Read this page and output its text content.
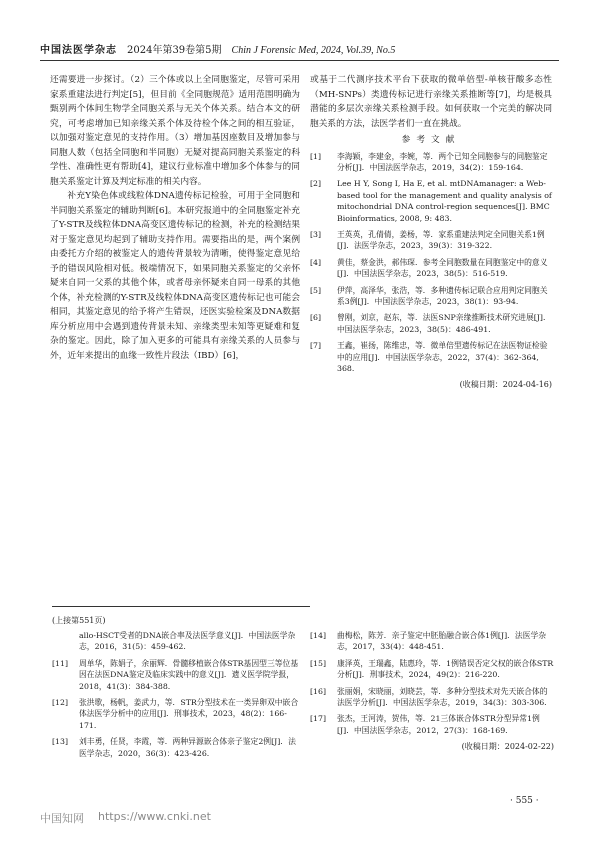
中国法医学杂志 2024年第39卷第5期 Chin J Forensic Med, 2024, Vol.39, No.5

还需要进一步探讨。（2）三个体或以上全同胞鉴定，尽管可采用家系重建法进行判定[5]，但目前《全同胞规范》适用范围明确为甄别两个体间生物学全同胞关系与无关个体关系。结合本文的研究，可考虑增加已知亲缘关系个体及待检个体之间的相互验证，以加强对鉴定意见的支持作用。（3）增加基因座数目及增加参与同胞人数（包括全同胞和半同胞）无疑对提高同胞关系鉴定的科学性、准确性更有帮助[4]，建议行业标准中增加多个体参与的同胞关系鉴定计算及判定标准的相关内容。

补充Y染色体或线粒体DNA遗传标记检验，可用于全同胞和半同胞关系鉴定的辅助判断[6]。本研究报道中的全同胞鉴定补充了Y-STR及线粒体DNA高变区遗传标记的检测，补充的检测结果对于鉴定意见均起到了辅助支持作用。需要指出的是，两个案例由委托方介绍的被鉴定人的遗传背景较为清晰，使得鉴定意见给予的错误风险相对低。极端情况下，如果同胞关系鉴定的父亲怀疑来自同一父系的其他个体，或者母亲怀疑来自同一母系的其他个体，补充检测的Y-STR及线粒体DNA高变区遗传标记也可能会相同，其鉴定意见的给予将产生错误，还医实验检案及DNA数据库分析应用中会遇到遗传背景未知、亲缘类型未知等更疑难和复杂的鉴定。因此，除了加入更多的可能具有亲缘关系的人员参与外，近年来提出的血缘一致性片段法（IBD）[6]，

或基于二代测序技术平台下获取的微单倍型-单核苷酸多态性（MH-SNPs）类遗传标记进行亲缘关系推断等[7]，均是极具潜能的多层次亲缘关系检测手段。如何获取一个完美的解决同胞关系的方法，法医学者们一直在挑战。

参考文献
[1]	李海颖，李建金，李婉，等．两个已知全同胞参与的同胞鉴定分析[J]．中国法医学杂志，2019，34(2)：159-164.
[2]	Lee H Y, Song I, Ha E, et al. mtDNAmanager: a Web-based tool for the management and quality analysis of mitochondrial DNA control-region sequences[J]. BMC Bioinformatics, 2008, 9: 483.
[3]	王英英，孔倩倩，姜杨，等．家系重建法判定全同胞关系1例[J]．法医学杂志，2023，39(3)：319-322.
[4]	黄佳，蔡金洪，郝伟琛．参考全同胞数量在同胞鉴定中的意义[J]．中国法医学杂志，2023，38(5)：516-519.
[5]	伊萍，高泽华，张浩，等．多种遗传标记联合应用判定同胞关系3例[J]．中国法医学杂志，2023，38(1)：93-94.
[6]	曾刚，刘京，赵东，等．法医SNP亲缘推断技术研究进展[J]．中国法医学杂志，2023，38(5)：486-491.
[7]	王鑫，崔扬，陈维忠，等．微单倍型遗传标记在法医物证检验中的应用[J]．中国法医学杂志，2022，37(4)：362-364, 368.
(收稿日期：2024-04-16)
(上接第551页)
allo-HSCT受者的DNA嵌合率及法医学意义[J]．中国法医学杂志，2016，31(5)：459-462.
[11]	周单华，陈娟子，余丽辉．骨髓移植嵌合体STR基因型三等位基因在法医DNA鉴定及临床实践中的意义[J]．遗义医学院学报，2018，41(3)：384-388.
[12]	张洪歌，杨帆，姜武力，等．STR分型技术在一类异卵双中嵌合体法医学分析中的应用[J]．刑事技术，2023，48(2)：166-171.
[13]	刘丰勇，任贤，李霞，等．两种异源嵌合体亲子鉴定2例[J]．法医学杂志，2020，36(3)：423-426.
[14]	曲梅松，陈芳．亲子鉴定中胚胎融合嵌合体1例[J]．法医学杂志，2017，33(4)：448-451.
[15]	康泽英，王瑞鑫，陆惠玲，等．1例错误否定父权的嵌合体STR分析[J]．刑事技术，2024，49(2)：216-220.
[16]	张丽娟，宋晓丽，刘晓芸，等．多种分型技术对先天嵌合体的法医学分析[J]．中国法医学杂志，2019，34(3)：303-306.
[17]	张杰，王河涛，贺伟，等．21三体嵌合体STR分型异常1例[J]．中国法医学杂志，2012，27(3)：168-169.
(收稿日期：2024-02-22)
· 555 ·
中国知网 https://www.cnki.net
